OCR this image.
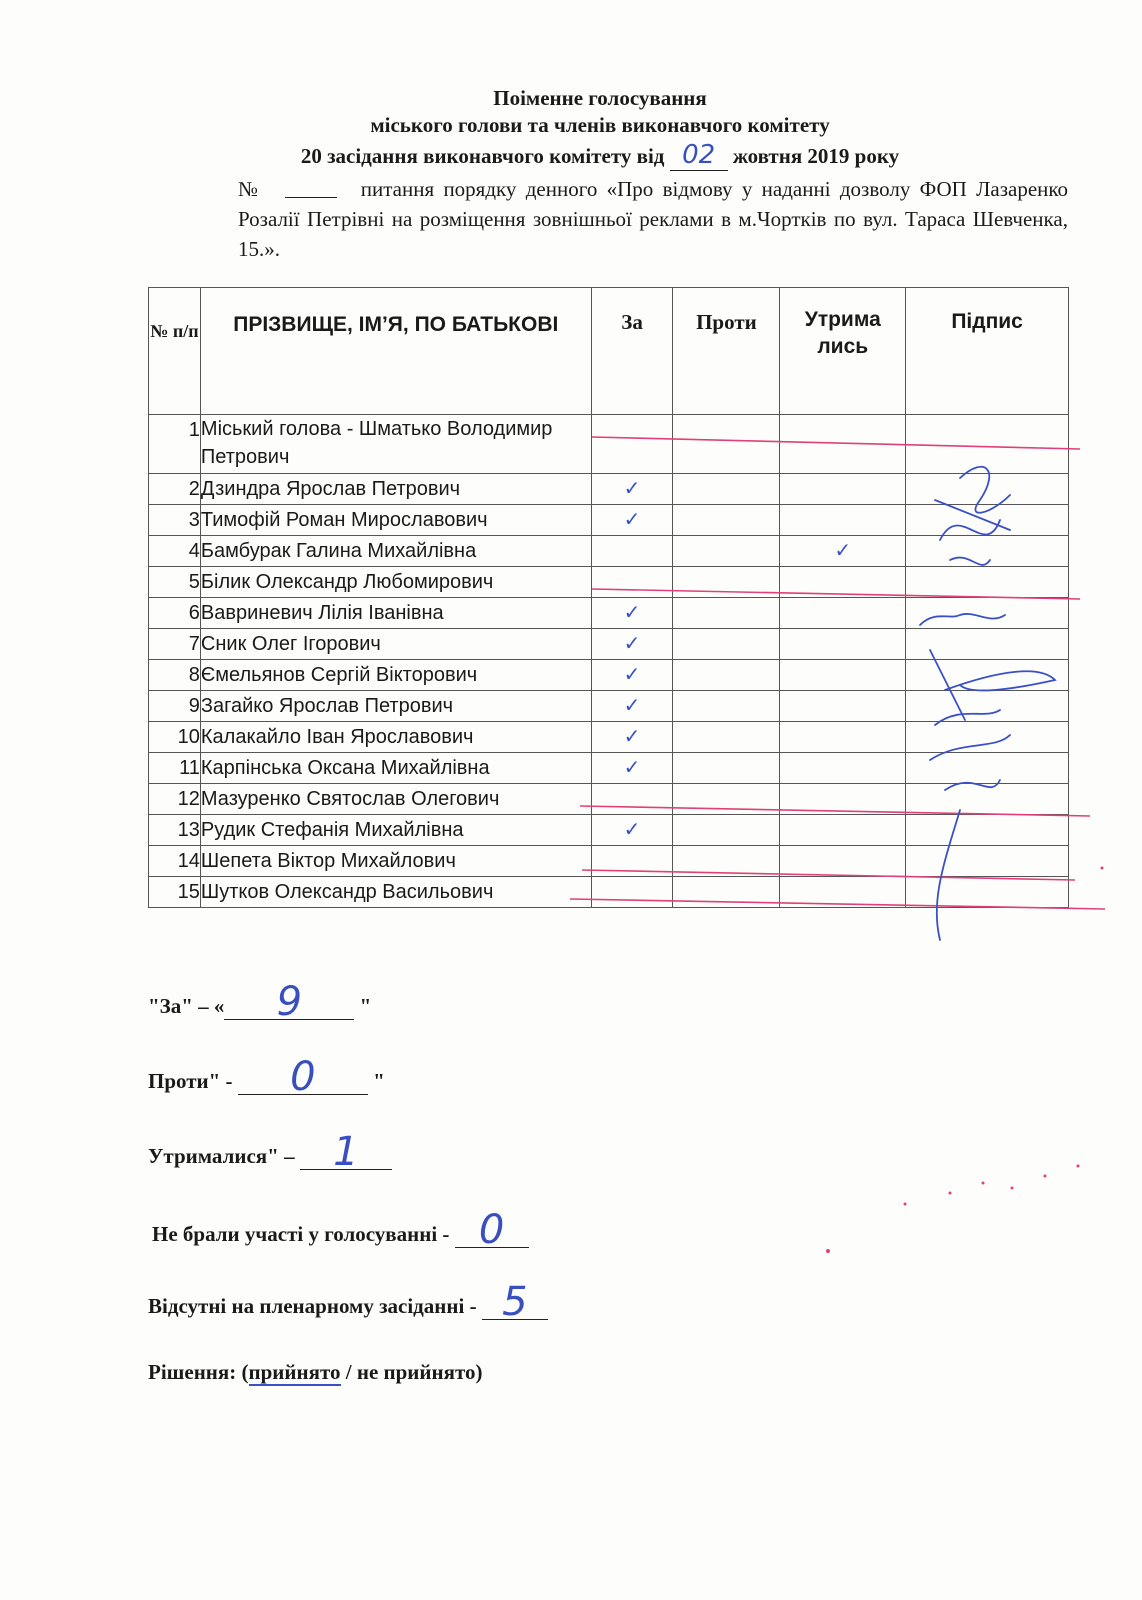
Поіменне голосування

міського голови та членів виконавчого комітету

20 засідання виконавчого комітету від 02 жовтня 2019 року

№	питання порядку денного «Про відмову у наданні дозволу ФОП Лазаренко Розалії Петрівні на розміщення зовнішньої реклами в м.Чортків по вул. Тараса Шевченка, 15.».

№ п/п	ПРІЗВИЩЕ, ІМ’Я, ПО БАТЬКОВІ	За	Проти	Утрима лись	Підпис
1	Міський голова - Шматько Володимир Петрович				
2	Дзиндра Ярослав Петрович	✓			
3	Тимофій Роман Мирославович	✓			
4	Бамбурак Галина Михайлівна			✓	
5	Білик Олександр Любомирович				
6	Вавриневич Лілія Іванівна	✓			
7	Сник Олег Ігорович	✓			
8	Ємельянов Сергій Вікторович	✓			
9	Загайко Ярослав Петрович	✓			
10	Калакайло Іван Ярославович	✓			
11	Карпінська Оксана Михайлівна	✓			
12	Мазуренко Святослав Олегович				
13	Рудик Стефанія Михайлівна	✓			
14	Шепета Віктор Михайлович				
15	Шутков Олександр Васильович				

"За" – « 9	"

Проти" - 0	"

Утрималися" – 1

Не брали участі у голосуванні - 0

Відсутні на пленарному засіданні - 5

Рішення: (прийнято / не прийнято)
